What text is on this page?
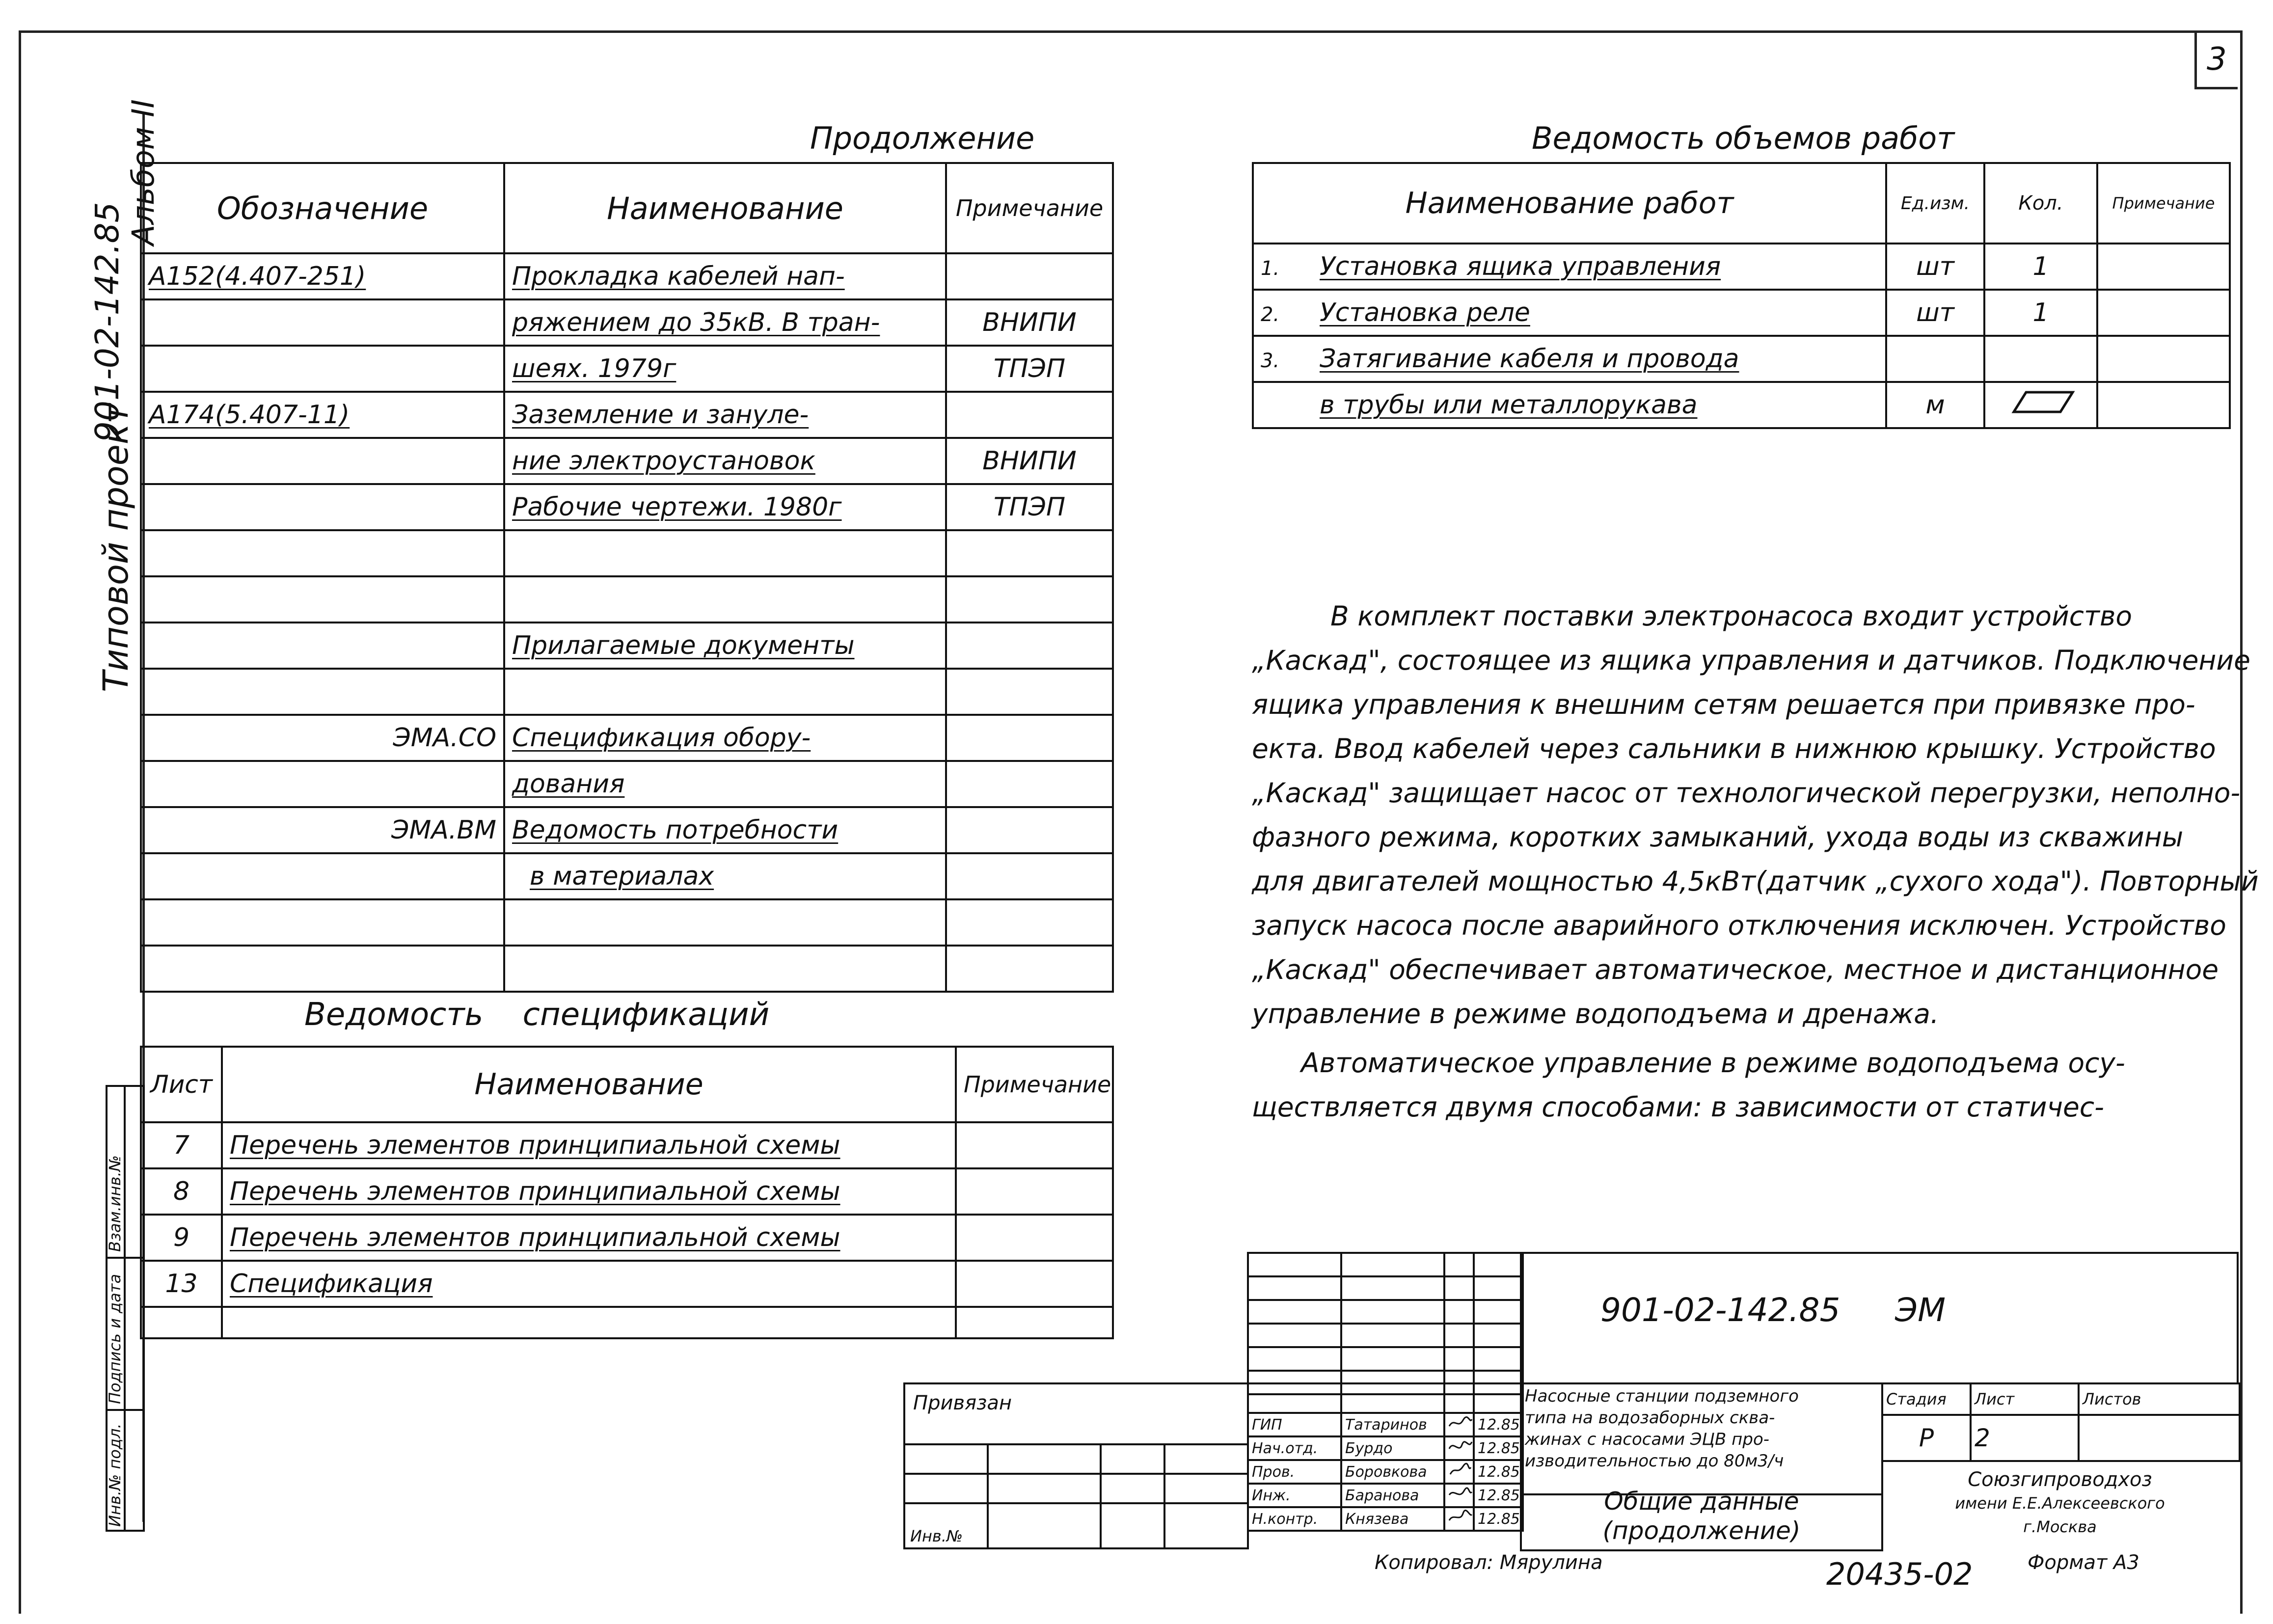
3
901-02-142.85
Альбом II
Типовой проект
Инв.№ подл.
Подпись и дата
Взам.инв.№
Продолжение
Обозначение	Наименование	Примечание
А152(4.407-251)	Прокладка кабелей нап-	
	ряжением до 35кВ. В тран-	ВНИПИ
	шеях. 1979г	ТПЭП
А174(5.407-11)	Заземление и зануле-	
	ние электроустановок	ВНИПИ
	Рабочие чертежи. 1980г	ТПЭП

	Прилагаемые документы	

ЭМА.СО	Спецификация обору-	
	дования	
ЭМА.ВМ	Ведомость потребности	
	в материалах	

Ведомость спецификаций
Лист	Наименование	Примечание
7	Перечень элементов принципиальной схемы	
8	Перечень элементов принципиальной схемы	
9	Перечень элементов принципиальной схемы	
13	Спецификация	

Ведомость объемов работ
Наименование работ	Ед.изм.	Кол.	Примечание
1. Установка ящика управления	шт	1	
2. Установка реле	шт	1	
3. Затягивание кабеля и провода			
в трубы или металлорукава	м		
В комплект поставки электронасоса входит устройство
„Каскад", состоящее из ящика управления и датчиков. Подключение
ящика управления к внешним сетям решается при привязке про-
екта. Ввод кабелей через сальники в нижнюю крышку. Устройство
„Каскад" защищает насос от технологической перегрузки, неполно-
фазного режима, коротких замыканий, ухода воды из скважины
для двигателей мощностью 4,5кВт(датчик „сухого хода"). Повторный
запуск насоса после аварийного отключения исключен. Устройство
„Каскад" обеспечивает автоматическое, местное и дистанционное
управление в режиме водоподъема и дренажа.
Автоматическое управление в режиме водоподъема осу-
ществляется двумя способами: в зависимости от статичес-

901-02-142.85 ЭМ
Привязан
Инв.№

ГИП	Татаринов		12.85
Нач.отд.	Бурдо		12.85
Пров.	Боровкова		12.85
Инж.	Баранова		12.85
Н.контр.	Князева		12.85
Насосные станции подземного
типа на водозаборных сква-
жинах с насосами ЭЦВ про-
изводительностью до 80м3/ч
Общие данные
(продолжение)
Стадия	Лист	Листов
Р	2	
Союзгипроводхоз
имени Е.Е.Алексеевского
г.Москва
Копировал: Мярулина	20435-02	Формат А3
